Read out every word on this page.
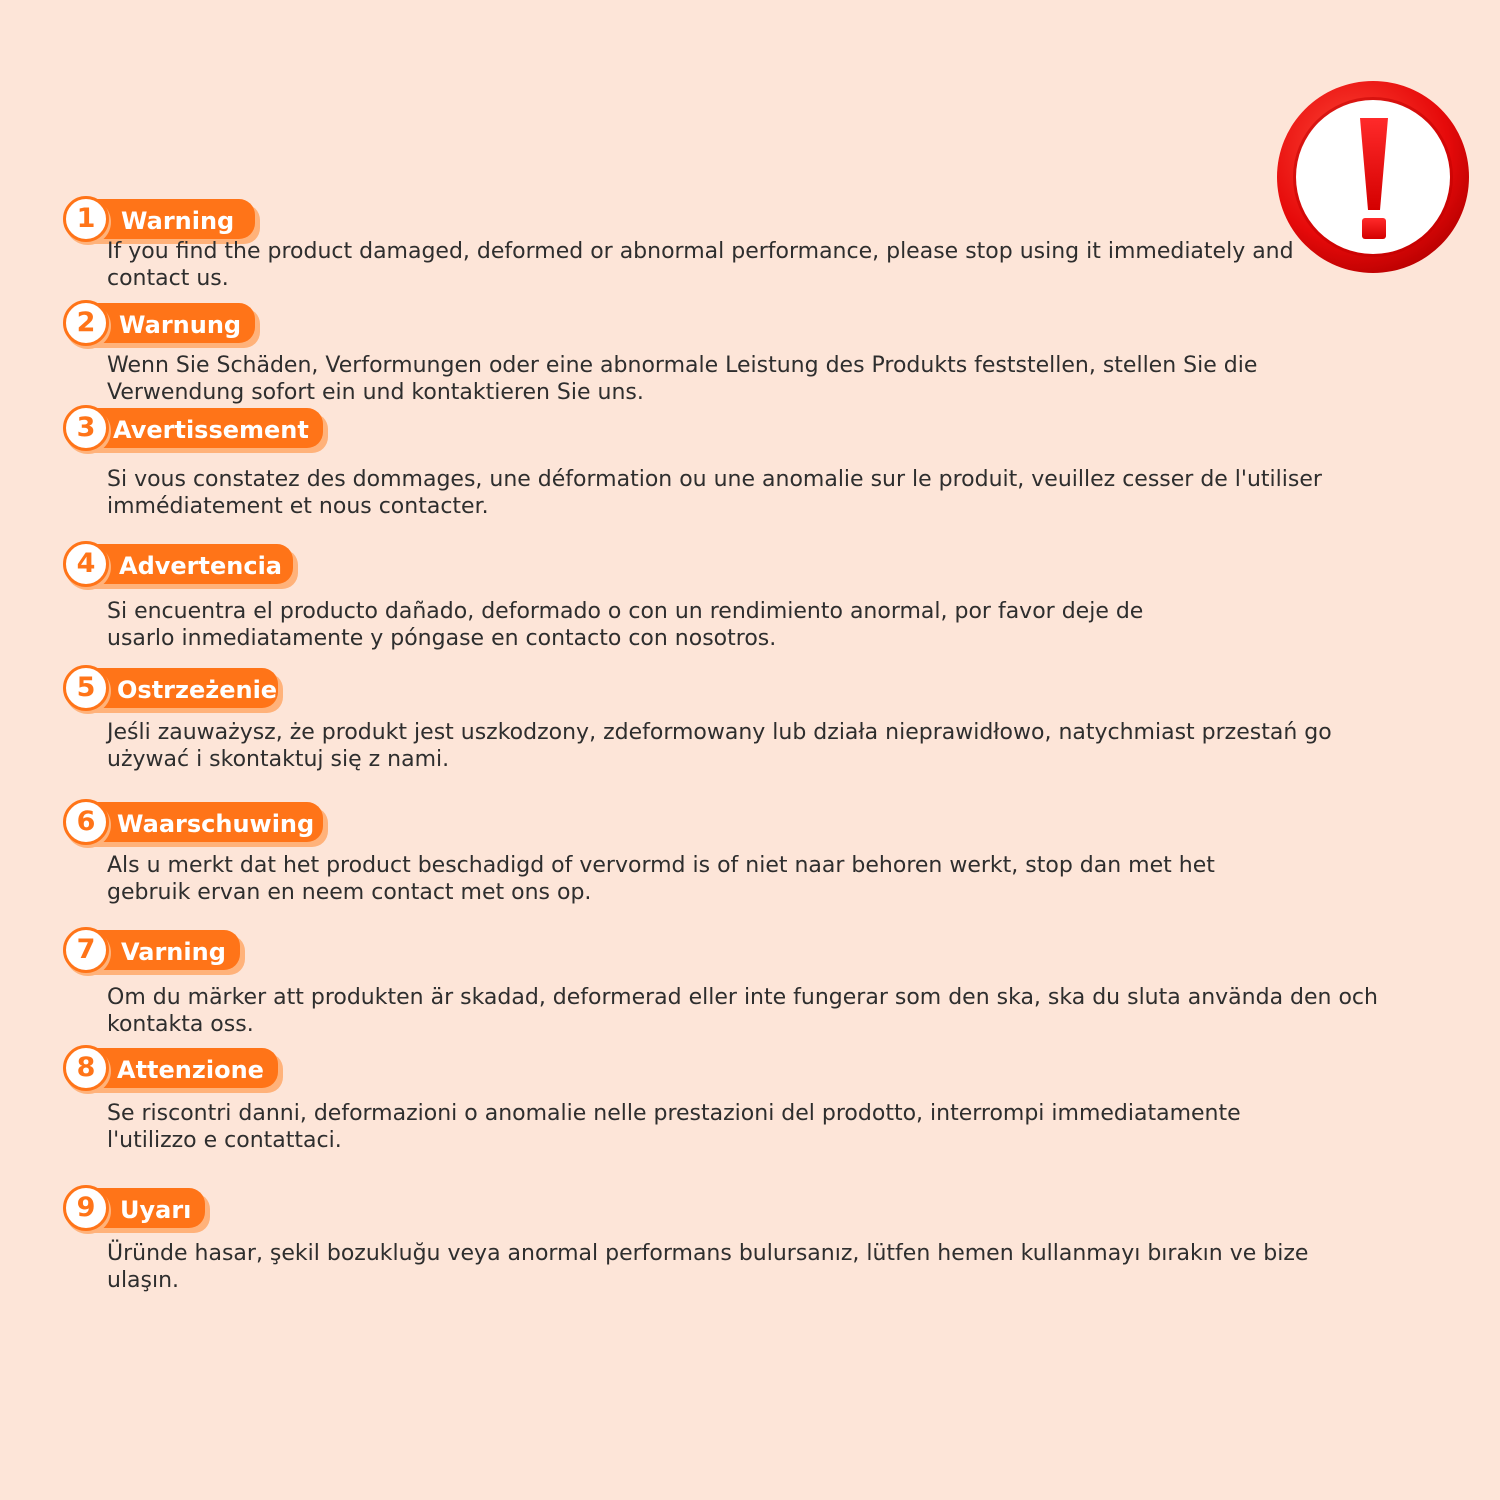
Warning
1

If you find the product damaged, deformed or abnormal performance, please stop using it immediately and contact us.

Warnung
2

Wenn Sie Schäden, Verformungen oder eine abnormale Leistung des Produkts feststellen, stellen Sie die Verwendung sofort ein und kontaktieren Sie uns.

Avertissement
3

Si vous constatez des dommages, une déformation ou une anomalie sur le produit, veuillez cesser de l'utiliser immédiatement et nous contacter.

Advertencia
4

Si encuentra el producto dañado, deformado o con un rendimiento anormal, por favor deje de usarlo inmediatamente y póngase en contacto con nosotros.

Ostrzeżenie
5

Jeśli zauważysz, że produkt jest uszkodzony, zdeformowany lub działa nieprawidłowo, natychmiast przestań go używać i skontaktuj się z nami.

Waarschuwing
6

Als u merkt dat het product beschadigd of vervormd is of niet naar behoren werkt, stop dan met het gebruik ervan en neem contact met ons op.

Varning
7

Om du märker att produkten är skadad, deformerad eller inte fungerar som den ska, ska du sluta använda den och kontakta oss.

Attenzione
8

Se riscontri danni, deformazioni o anomalie nelle prestazioni del prodotto, interrompi immediatamente l'utilizzo e contattaci.

Uyarı
9

Üründe hasar, şekil bozukluğu veya anormal performans bulursanız, lütfen hemen kullanmayı bırakın ve bize ulaşın.
